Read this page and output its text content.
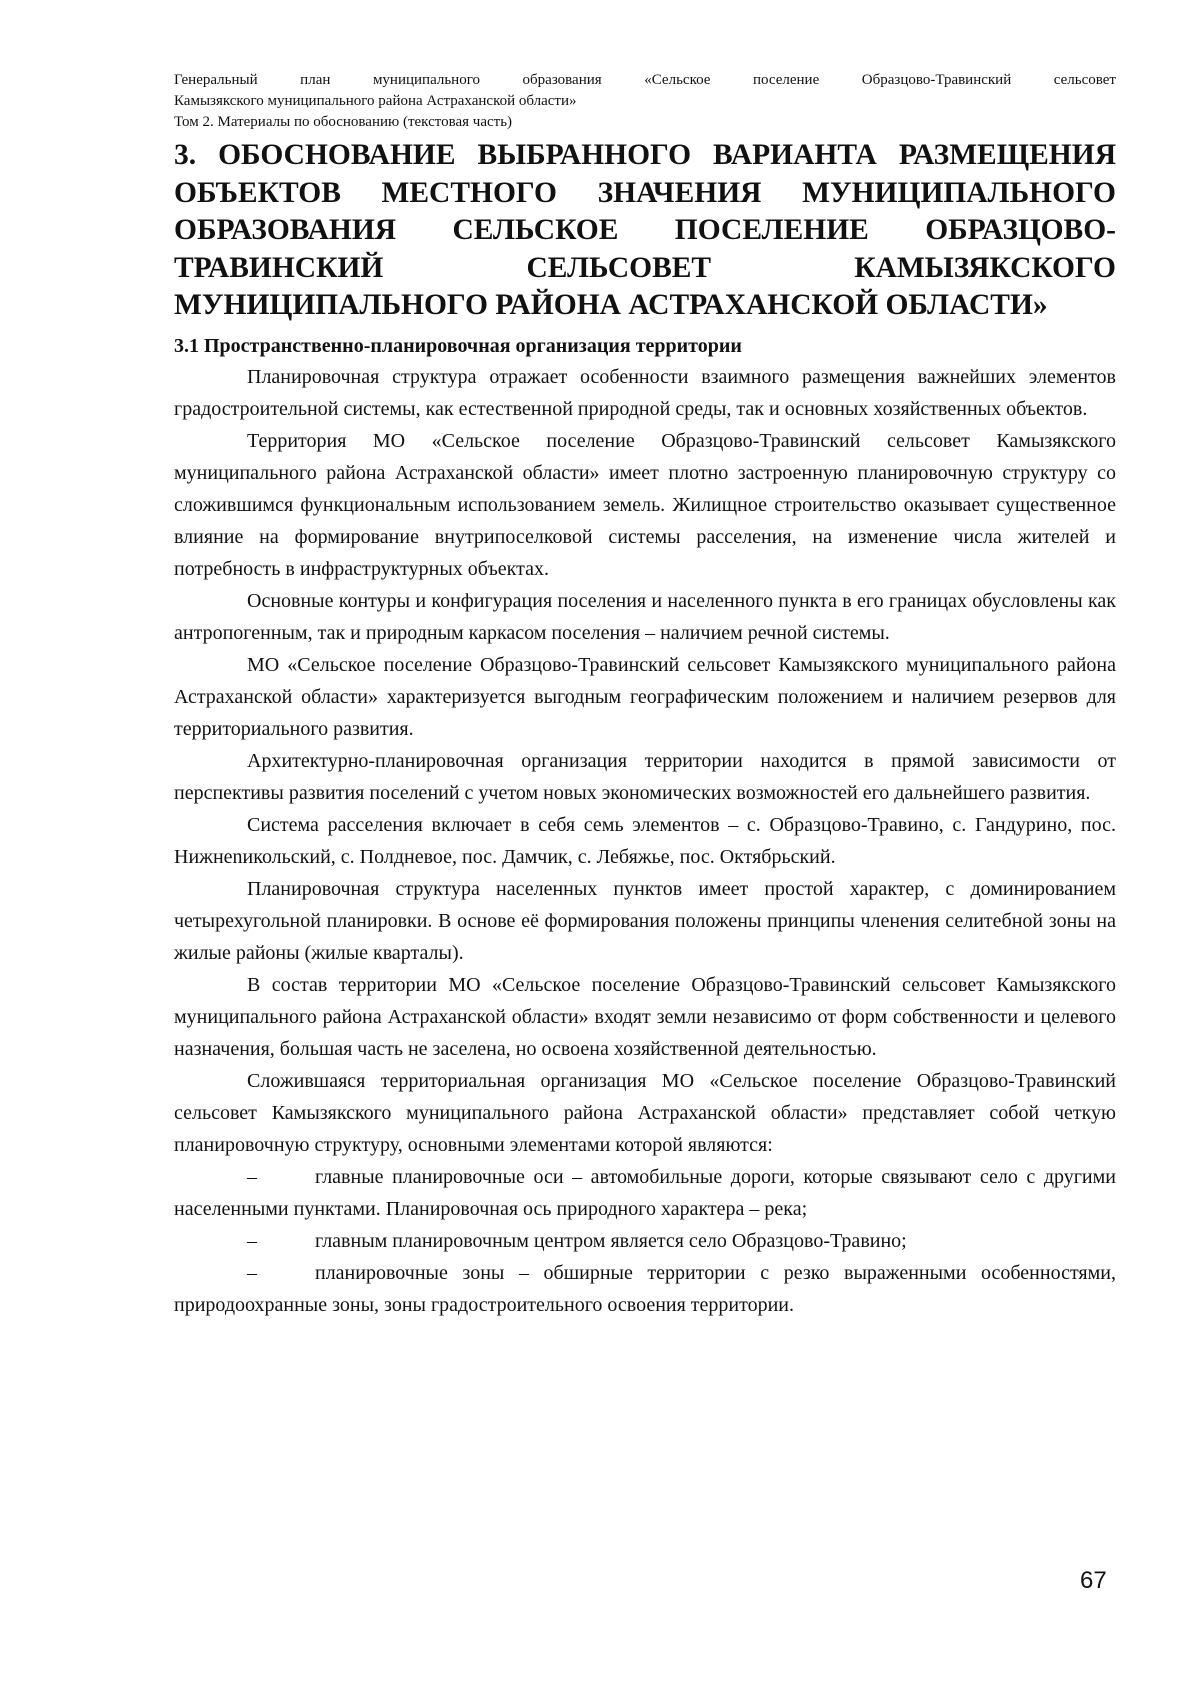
Генеральный план муниципального образования «Сельское поселение Образцово-Травинский сельсовет
Камызякского муниципального района Астраханской области»
Том 2. Материалы по обоснованию (текстовая часть)
3. ОБОСНОВАНИЕ ВЫБРАННОГО ВАРИАНТА РАЗМЕЩЕНИЯ
ОБЪЕКТОВ МЕСТНОГО ЗНАЧЕНИЯ МУНИЦИПАЛЬНОГО
ОБРАЗОВАНИЯ СЕЛЬСКОЕ ПОСЕЛЕНИЕ ОБРАЗЦОВО-
ТРАВИНСКИЙ СЕЛЬСОВЕТ КАМЫЗЯКСКОГО
МУНИЦИПАЛЬНОГО РАЙОНА АСТРАХАНСКОЙ ОБЛАСТИ»
3.1 Пространственно-планировочная организация территории

Планировочная структура отражает особенности взаимного размещения важнейших элементов градостроительной системы, как естественной природной среды, так и основных хозяйственных объектов.

Территория МО «Сельское поселение Образцово-Травинский сельсовет Камызякского муниципального района Астраханской области» имеет плотно застроенную планировочную структуру со сложившимся функциональным использованием земель. Жилищное строительство оказывает существенное влияние на формирование внутрипоселковой системы расселения, на изменение числа жителей и потребность в инфраструктурных объектах.

Основные контуры и конфигурация поселения и населенного пункта в его границах обусловлены как антропогенным, так и природным каркасом поселения – наличием речной системы.

МО «Сельское поселение Образцово-Травинский сельсовет Камызякского муниципального района Астраханской области» характеризуется выгодным географическим положением и наличием резервов для территориального развития.

Архитектурно-планировочная организация территории находится в прямой зависимости от перспективы развития поселений с учетом новых экономических возможностей его дальнейшего развития.

Система расселения включает в себя семь элементов – с. Образцово-Травино, с. Гандурино, пос. Нижнеnикольский, с. Полдневое, пос. Дамчик, с. Лебяжье, пос. Октябрьский.

Планировочная структура населенных пунктов имеет простой характер, с доминированием четырехугольной планировки. В основе её формирования положены принципы членения селитебной зоны на жилые районы (жилые кварталы).

В состав территории МО «Сельское поселение Образцово-Травинский сельсовет Камызякского муниципального района Астраханской области» входят земли независимо от форм собственности и целевого назначения, большая часть не заселена, но освоена хозяйственной деятельностью.

Сложившаяся территориальная организация МО «Сельское поселение Образцово-Травинский сельсовет Камызякского муниципального района Астраханской области» представляет собой четкую планировочную структуру, основными элементами которой являются:

–	главные планировочные оси – автомобильные дороги, которые связывают село с другими населенными пунктами. Планировочная ось природного характера – река;

–	главным планировочным центром является село Образцово-Травино;

–	планировочные зоны – обширные территории с резко выраженными особенностями, природоохранные зоны, зоны градостроительного освоения территории.

67
